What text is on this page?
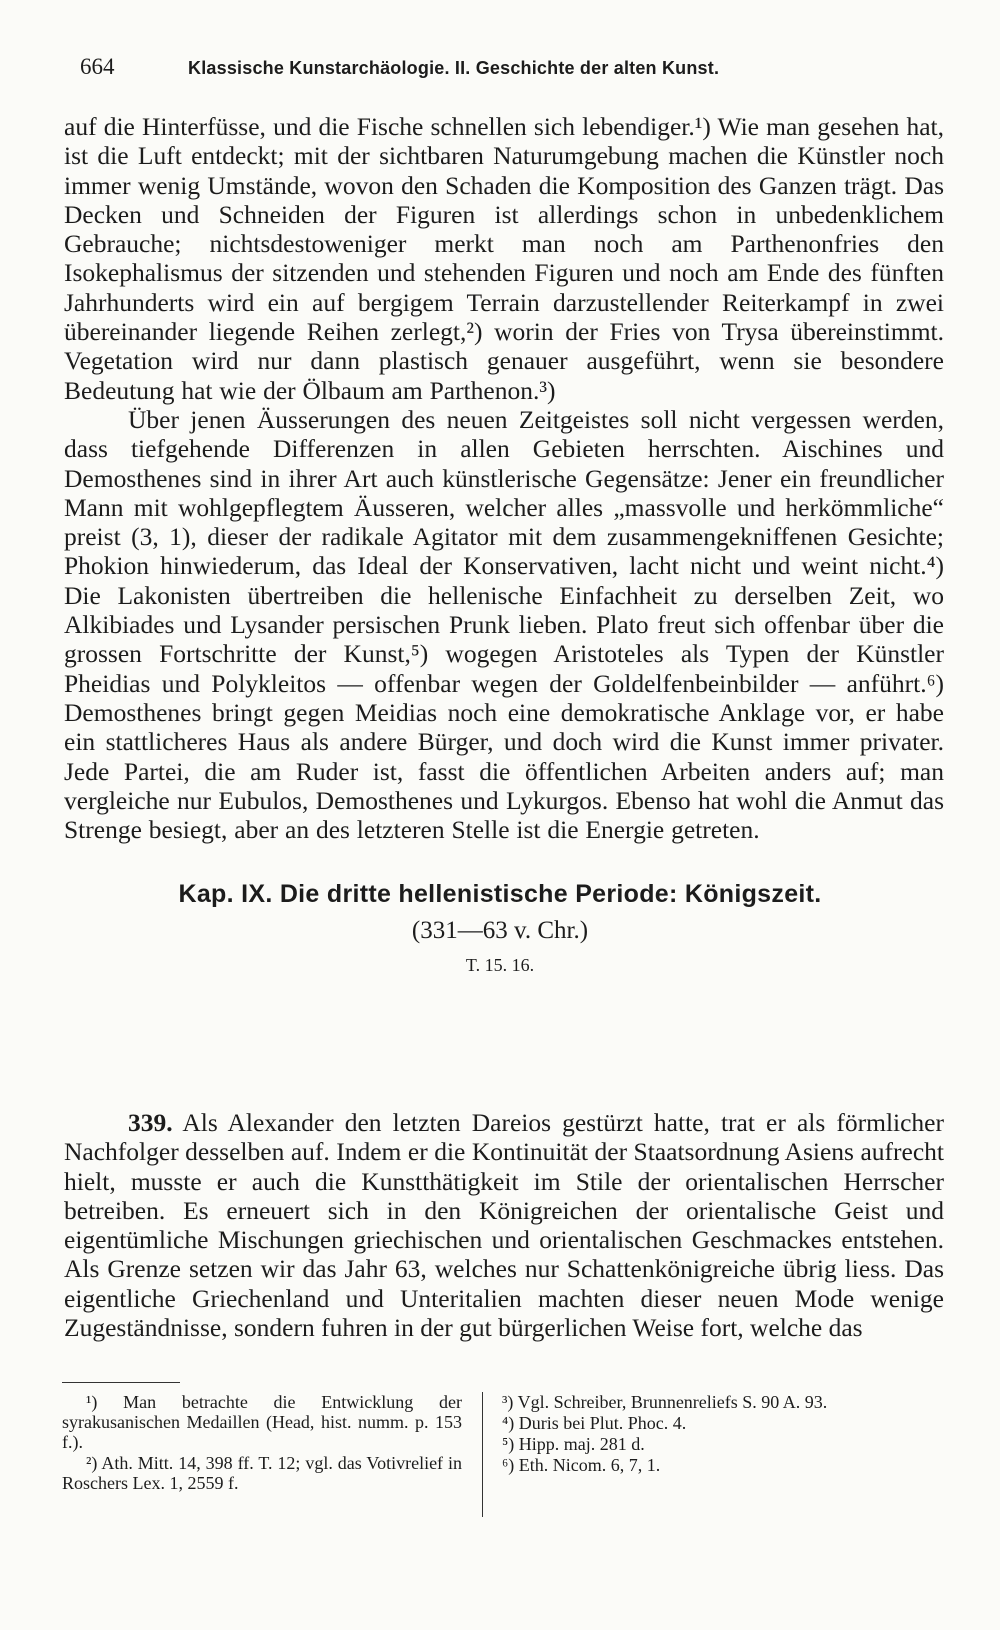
664	Klassische Kunstarchäologie. II. Geschichte der alten Kunst.

auf die Hinterfüsse, und die Fische schnellen sich lebendiger.¹) Wie man gesehen hat, ist die Luft entdeckt; mit der sichtbaren Naturumgebung machen die Künstler noch immer wenig Umstände, wovon den Schaden die Komposition des Ganzen trägt. Das Decken und Schneiden der Figuren ist allerdings schon in unbedenklichem Gebrauche; nichtsdestoweniger merkt man noch am Parthenonfries den Isokephalismus der sitzenden und stehenden Figuren und noch am Ende des fünften Jahrhunderts wird ein auf bergigem Terrain darzustellender Reiterkampf in zwei übereinander liegende Reihen zerlegt,²) worin der Fries von Trysa übereinstimmt. Vegetation wird nur dann plastisch genauer ausgeführt, wenn sie besondere Bedeutung hat wie der Ölbaum am Parthenon.³)

Über jenen Äusserungen des neuen Zeitgeistes soll nicht vergessen werden, dass tiefgehende Differenzen in allen Gebieten herrschten. Aischines und Demosthenes sind in ihrer Art auch künstlerische Gegensätze: Jener ein freundlicher Mann mit wohlgepflegtem Äusseren, welcher alles „massvolle und herkömmliche“ preist (3, 1), dieser der radikale Agitator mit dem zusammengekniffenen Gesichte; Phokion hinwiederum, das Ideal der Konservativen, lacht nicht und weint nicht.⁴) Die Lakonisten übertreiben die hellenische Einfachheit zu derselben Zeit, wo Alkibiades und Lysander persischen Prunk lieben. Plato freut sich offenbar über die grossen Fortschritte der Kunst,⁵) wogegen Aristoteles als Typen der Künstler Pheidias und Polykleitos — offenbar wegen der Goldelfenbeinbilder — anführt.⁶) Demosthenes bringt gegen Meidias noch eine demokratische Anklage vor, er habe ein stattlicheres Haus als andere Bürger, und doch wird die Kunst immer privater. Jede Partei, die am Ruder ist, fasst die öffentlichen Arbeiten anders auf; man vergleiche nur Eubulos, Demosthenes und Lykurgos. Ebenso hat wohl die Anmut das Strenge besiegt, aber an des letzteren Stelle ist die Energie getreten.

Kap. IX. Die dritte hellenistische Periode: Königszeit.
(331—63 v. Chr.)
T. 15. 16.

339. Als Alexander den letzten Dareios gestürzt hatte, trat er als förmlicher Nachfolger desselben auf. Indem er die Kontinuität der Staatsordnung Asiens aufrecht hielt, musste er auch die Kunstthätigkeit im Stile der orientalischen Herrscher betreiben. Es erneuert sich in den Königreichen der orientalische Geist und eigentümliche Mischungen griechischen und orientalischen Geschmackes entstehen. Als Grenze setzen wir das Jahr 63, welches nur Schattenkönigreiche übrig liess. Das eigentliche Griechenland und Unteritalien machten dieser neuen Mode wenige Zugeständnisse, sondern fuhren in der gut bürgerlichen Weise fort, welche das

¹) Man betrachte die Entwicklung der syrakusanischen Medaillen (Head, hist. numm. p. 153 f.).

²) Ath. Mitt. 14, 398 ff. T. 12; vgl. das Votivrelief in Roschers Lex. 1, 2559 f.

³) Vgl. Schreiber, Brunnenreliefs S. 90 A. 93.

⁴) Duris bei Plut. Phoc. 4.

⁵) Hipp. maj. 281 d.

⁶) Eth. Nicom. 6, 7, 1.
